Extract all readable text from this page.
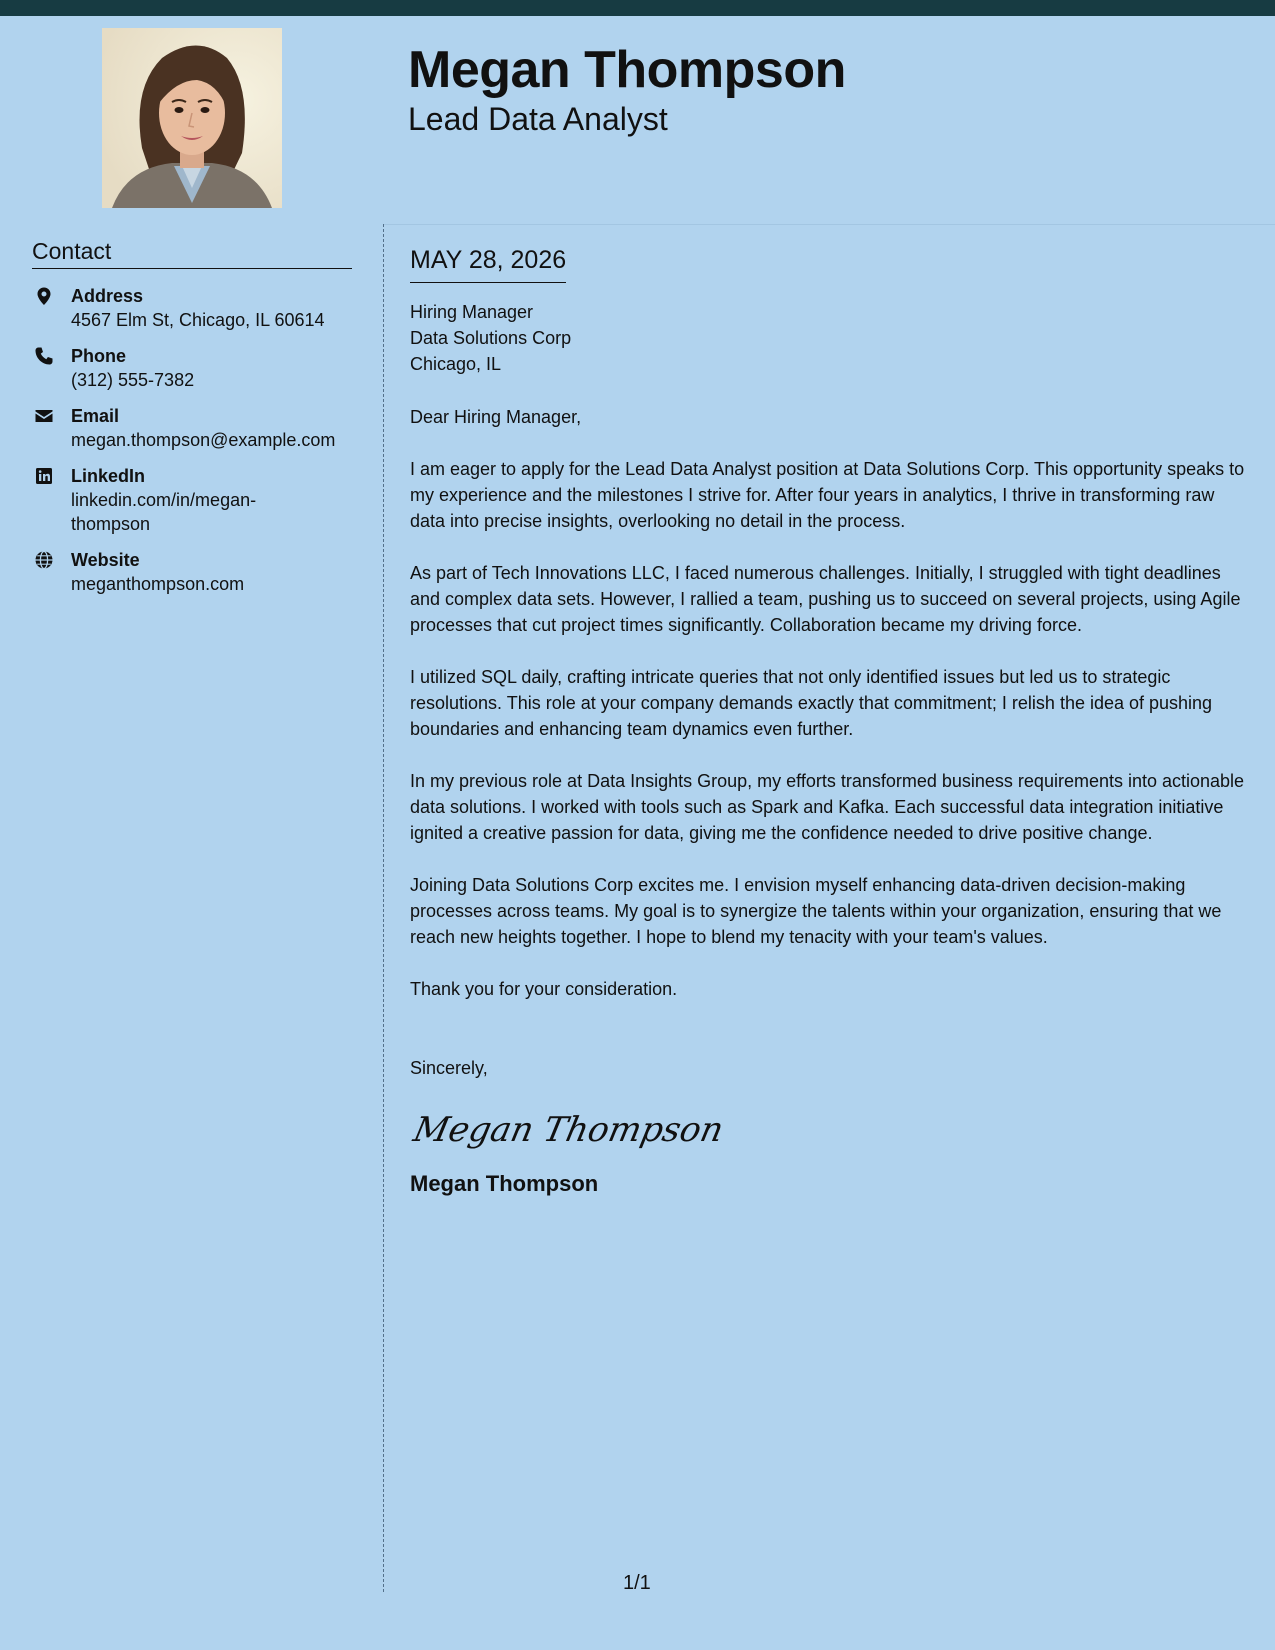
Megan Thompson
Lead Data Analyst
Contact
Address
4567 Elm St, Chicago, IL 60614
Phone
(312) 555-7382
Email
megan.thompson@example.com
LinkedIn
linkedin.com/in/megan-thompson
Website
meganthompson.com
MAY 28, 2026
Hiring Manager
Data Solutions Corp
Chicago, IL
Dear Hiring Manager,
I am eager to apply for the Lead Data Analyst position at Data Solutions Corp. This opportunity speaks to my experience and the milestones I strive for. After four years in analytics, I thrive in transforming raw data into precise insights, overlooking no detail in the process.
As part of Tech Innovations LLC, I faced numerous challenges. Initially, I struggled with tight deadlines and complex data sets. However, I rallied a team, pushing us to succeed on several projects, using Agile processes that cut project times significantly. Collaboration became my driving force.
I utilized SQL daily, crafting intricate queries that not only identified issues but led us to strategic resolutions. This role at your company demands exactly that commitment; I relish the idea of pushing boundaries and enhancing team dynamics even further.
In my previous role at Data Insights Group, my efforts transformed business requirements into actionable data solutions. I worked with tools such as Spark and Kafka. Each successful data integration initiative ignited a creative passion for data, giving me the confidence needed to drive positive change.
Joining Data Solutions Corp excites me. I envision myself enhancing data-driven decision-making processes across teams. My goal is to synergize the talents within your organization, ensuring that we reach new heights together. I hope to blend my tenacity with your team's values.
Thank you for your consideration.
Sincerely,
Megan Thompson
Megan Thompson
1/1
